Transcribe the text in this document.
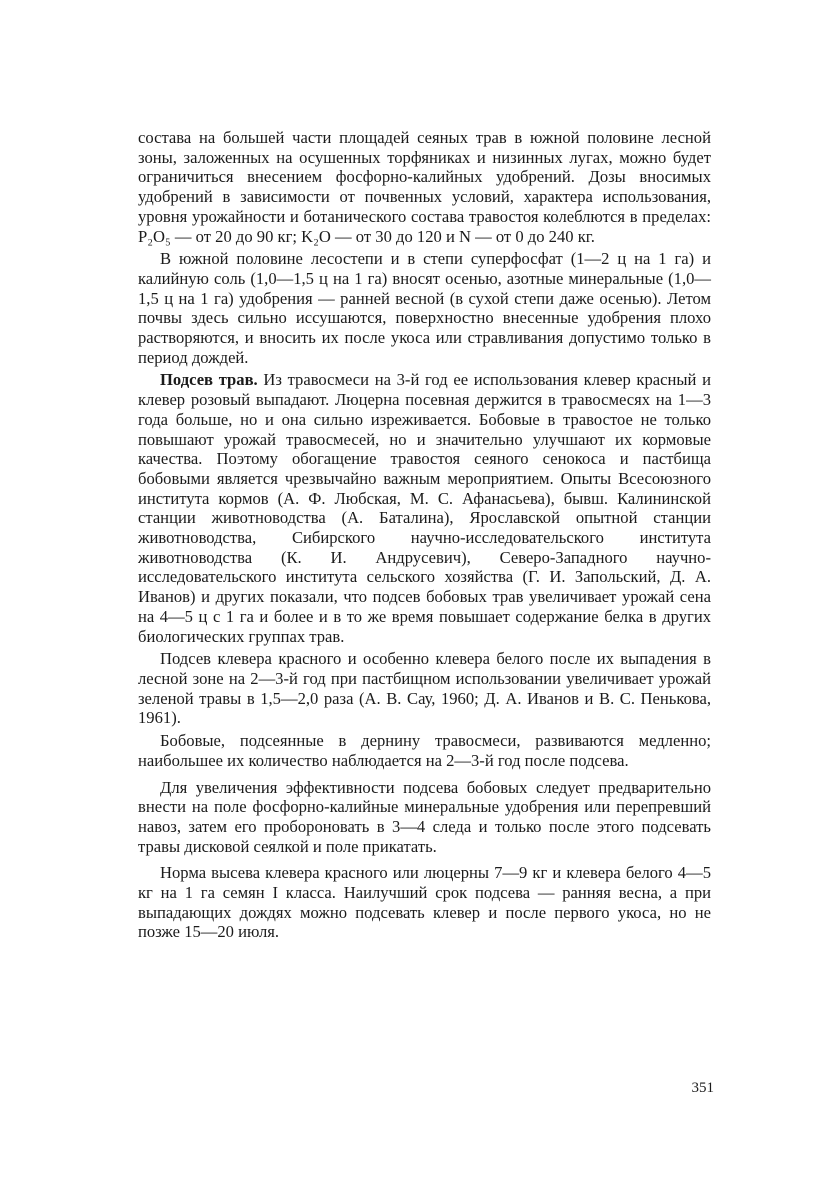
состава на большей части площадей сеяных трав в южной половине лесной зоны, заложенных на осушенных торфяниках и низинных лугах, можно будет ограничиться внесением фосфорно-калийных удобрений. Дозы вносимых удобрений в зависимости от почвенных условий, характера использования, уровня урожайности и ботанического состава травостоя колеблются в пределах: P₂O₅ — от 20 до 90 кг; K₂O — от 30 до 120 и N — от 0 до 240 кг.

В южной половине лесостепи и в степи суперфосфат (1—2 ц на 1 га) и калийную соль (1,0—1,5 ц на 1 га) вносят осенью, азотные минеральные (1,0—1,5 ц на 1 га) удобрения — ранней весной (в сухой степи даже осенью). Летом почвы здесь сильно иссушаются, поверхностно внесенные удобрения плохо растворяются, и вносить их после укоса или стравливания допустимо только в период дождей.

Подсев трав. Из травосмеси на 3-й год ее использования клевер красный и клевер розовый выпадают. Люцерна посевная держится в травосмесях на 1—3 года больше, но и она сильно изреживается. Бобовые в травостое не только повышают урожай травосмесей, но и значительно улучшают их кормовые качества. Поэтому обогащение травостоя сеяного сенокоса и пастбища бобовыми является чрезвычайно важным мероприятием. Опыты Всесоюзного института кормов (А. Ф. Любская, М. С. Афанасьева), бывш. Калининской станции животноводства (А. Баталина), Ярославской опытной станции животноводства, Сибирского научно-исследовательского института животноводства (К. И. Андрусевич), Северо-Западного научно-исследовательского института сельского хозяйства (Г. И. Запольский, Д. А. Иванов) и других показали, что подсев бобовых трав увеличивает урожай сена на 4—5 ц с 1 га и более и в то же время повышает содержание белка в других биологических группах трав.

Подсев клевера красного и особенно клевера белого после их выпадения в лесной зоне на 2—3-й год при пастбищном использовании увеличивает урожай зеленой травы в 1,5—2,0 раза (А. В. Сау, 1960; Д. А. Иванов и В. С. Пенькова, 1961).

Бобовые, подсеянные в дернину травосмеси, развиваются медленно; наибольшее их количество наблюдается на 2—3-й год после подсева.

Для увеличения эффективности подсева бобовых следует предварительно внести на поле фосфорно-калийные минеральные удобрения или перепревший навоз, затем его пробороновать в 3—4 следа и только после этого подсевать травы дисковой сеялкой и поле прикатать.

Норма высева клевера красного или люцерны 7—9 кг и клевера белого 4—5 кг на 1 га семян I класса. Наилучший срок подсева — ранняя весна, а при выпадающих дождях можно подсевать клевер и после первого укоса, но не позже 15—20 июля.

351
